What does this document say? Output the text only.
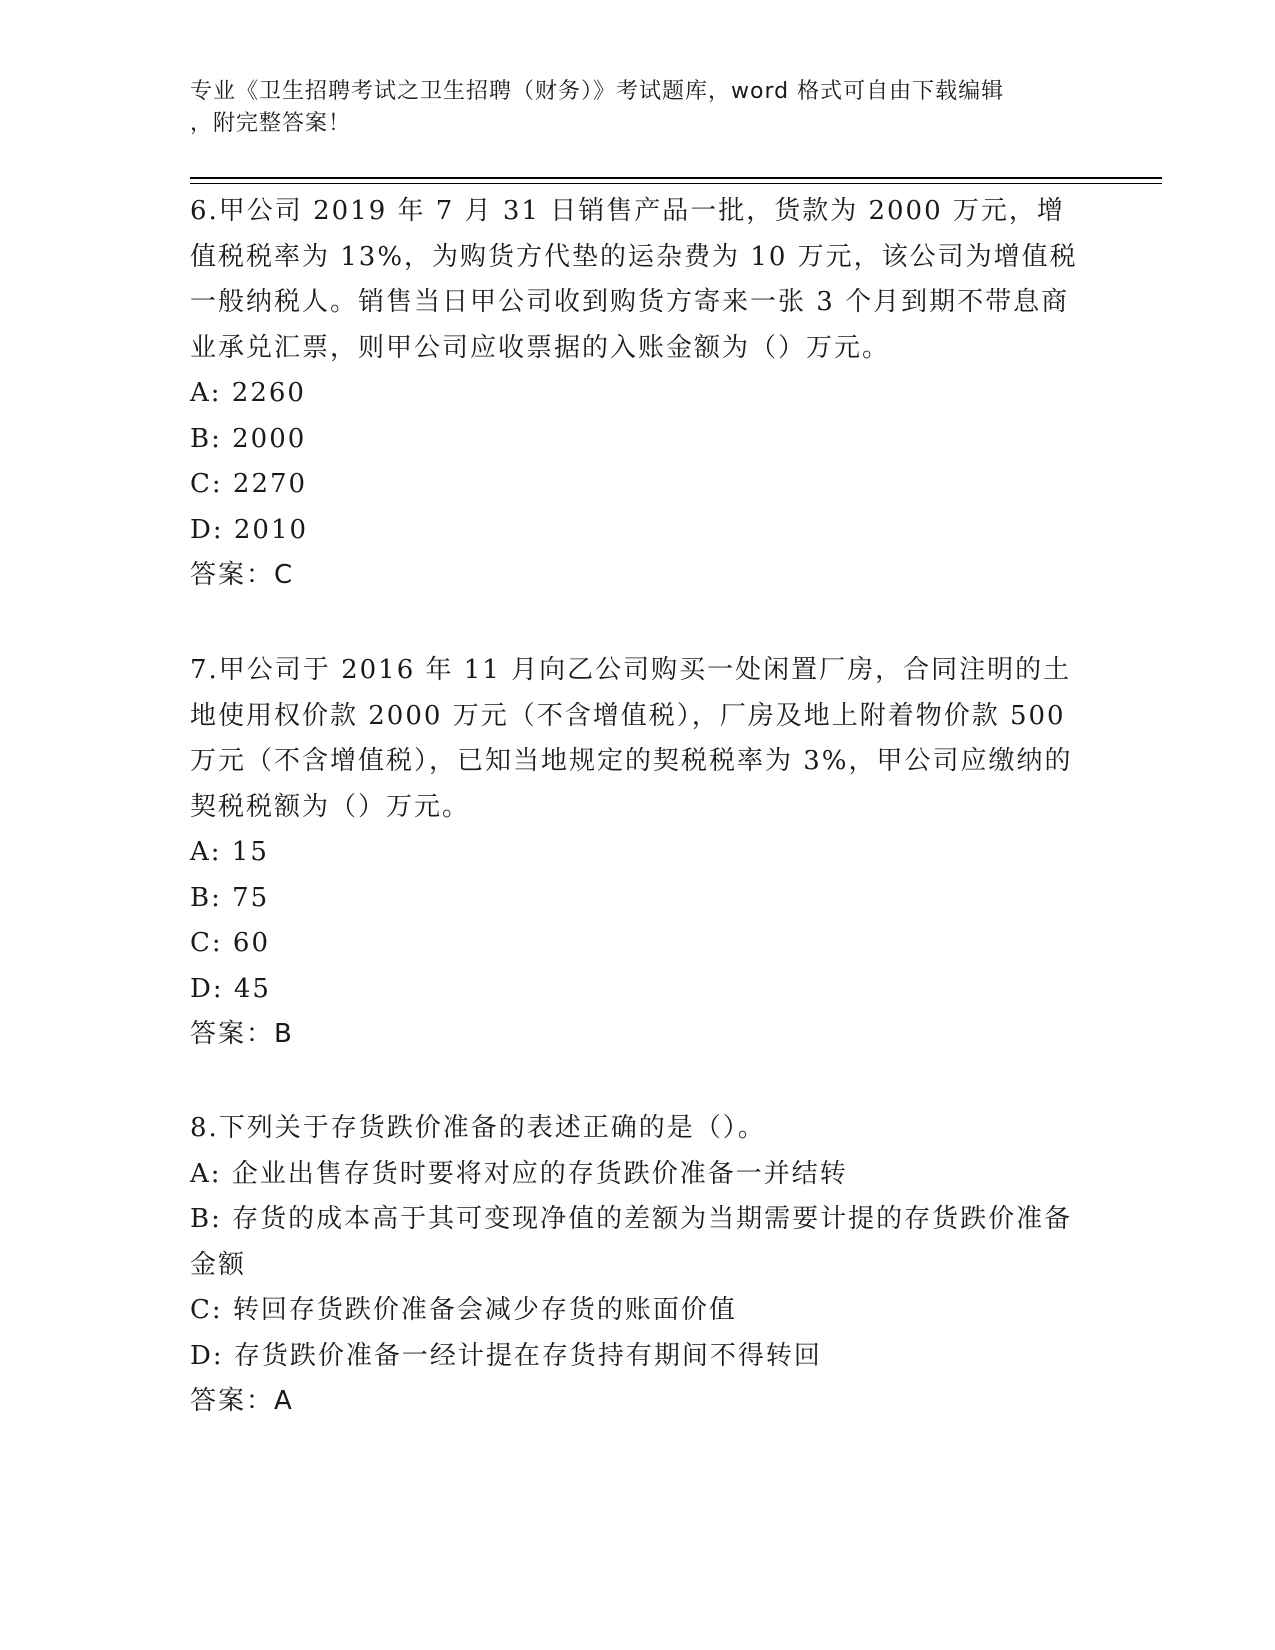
专业《卫生招聘考试之卫生招聘（财务）》考试题库，word 格式可自由下载编辑
，附完整答案！

6.甲公司 2019 年 7 月 31 日销售产品一批，货款为 2000 万元，增值税税率为 13%，为购货方代垫的运杂费为 10 万元，该公司为增值税一般纳税人。销售当日甲公司收到购货方寄来一张 3 个月到期不带息商业承兑汇票，则甲公司应收票据的入账金额为（）万元。

A: 2260

B: 2000

C: 2270

D: 2010

答案：C

7.甲公司于 2016 年 11 月向乙公司购买一处闲置厂房，合同注明的土地使用权价款 2000 万元（不含增值税），厂房及地上附着物价款 500 万元（不含增值税），已知当地规定的契税税率为 3%，甲公司应缴纳的契税税额为（）万元。

A: 15

B: 75

C: 60

D: 45

答案：B

8.下列关于存货跌价准备的表述正确的是（）。

A: 企业出售存货时要将对应的存货跌价准备一并结转

B: 存货的成本高于其可变现净值的差额为当期需要计提的存货跌价准备金额

C: 转回存货跌价准备会减少存货的账面价值

D: 存货跌价准备一经计提在存货持有期间不得转回

答案：A
